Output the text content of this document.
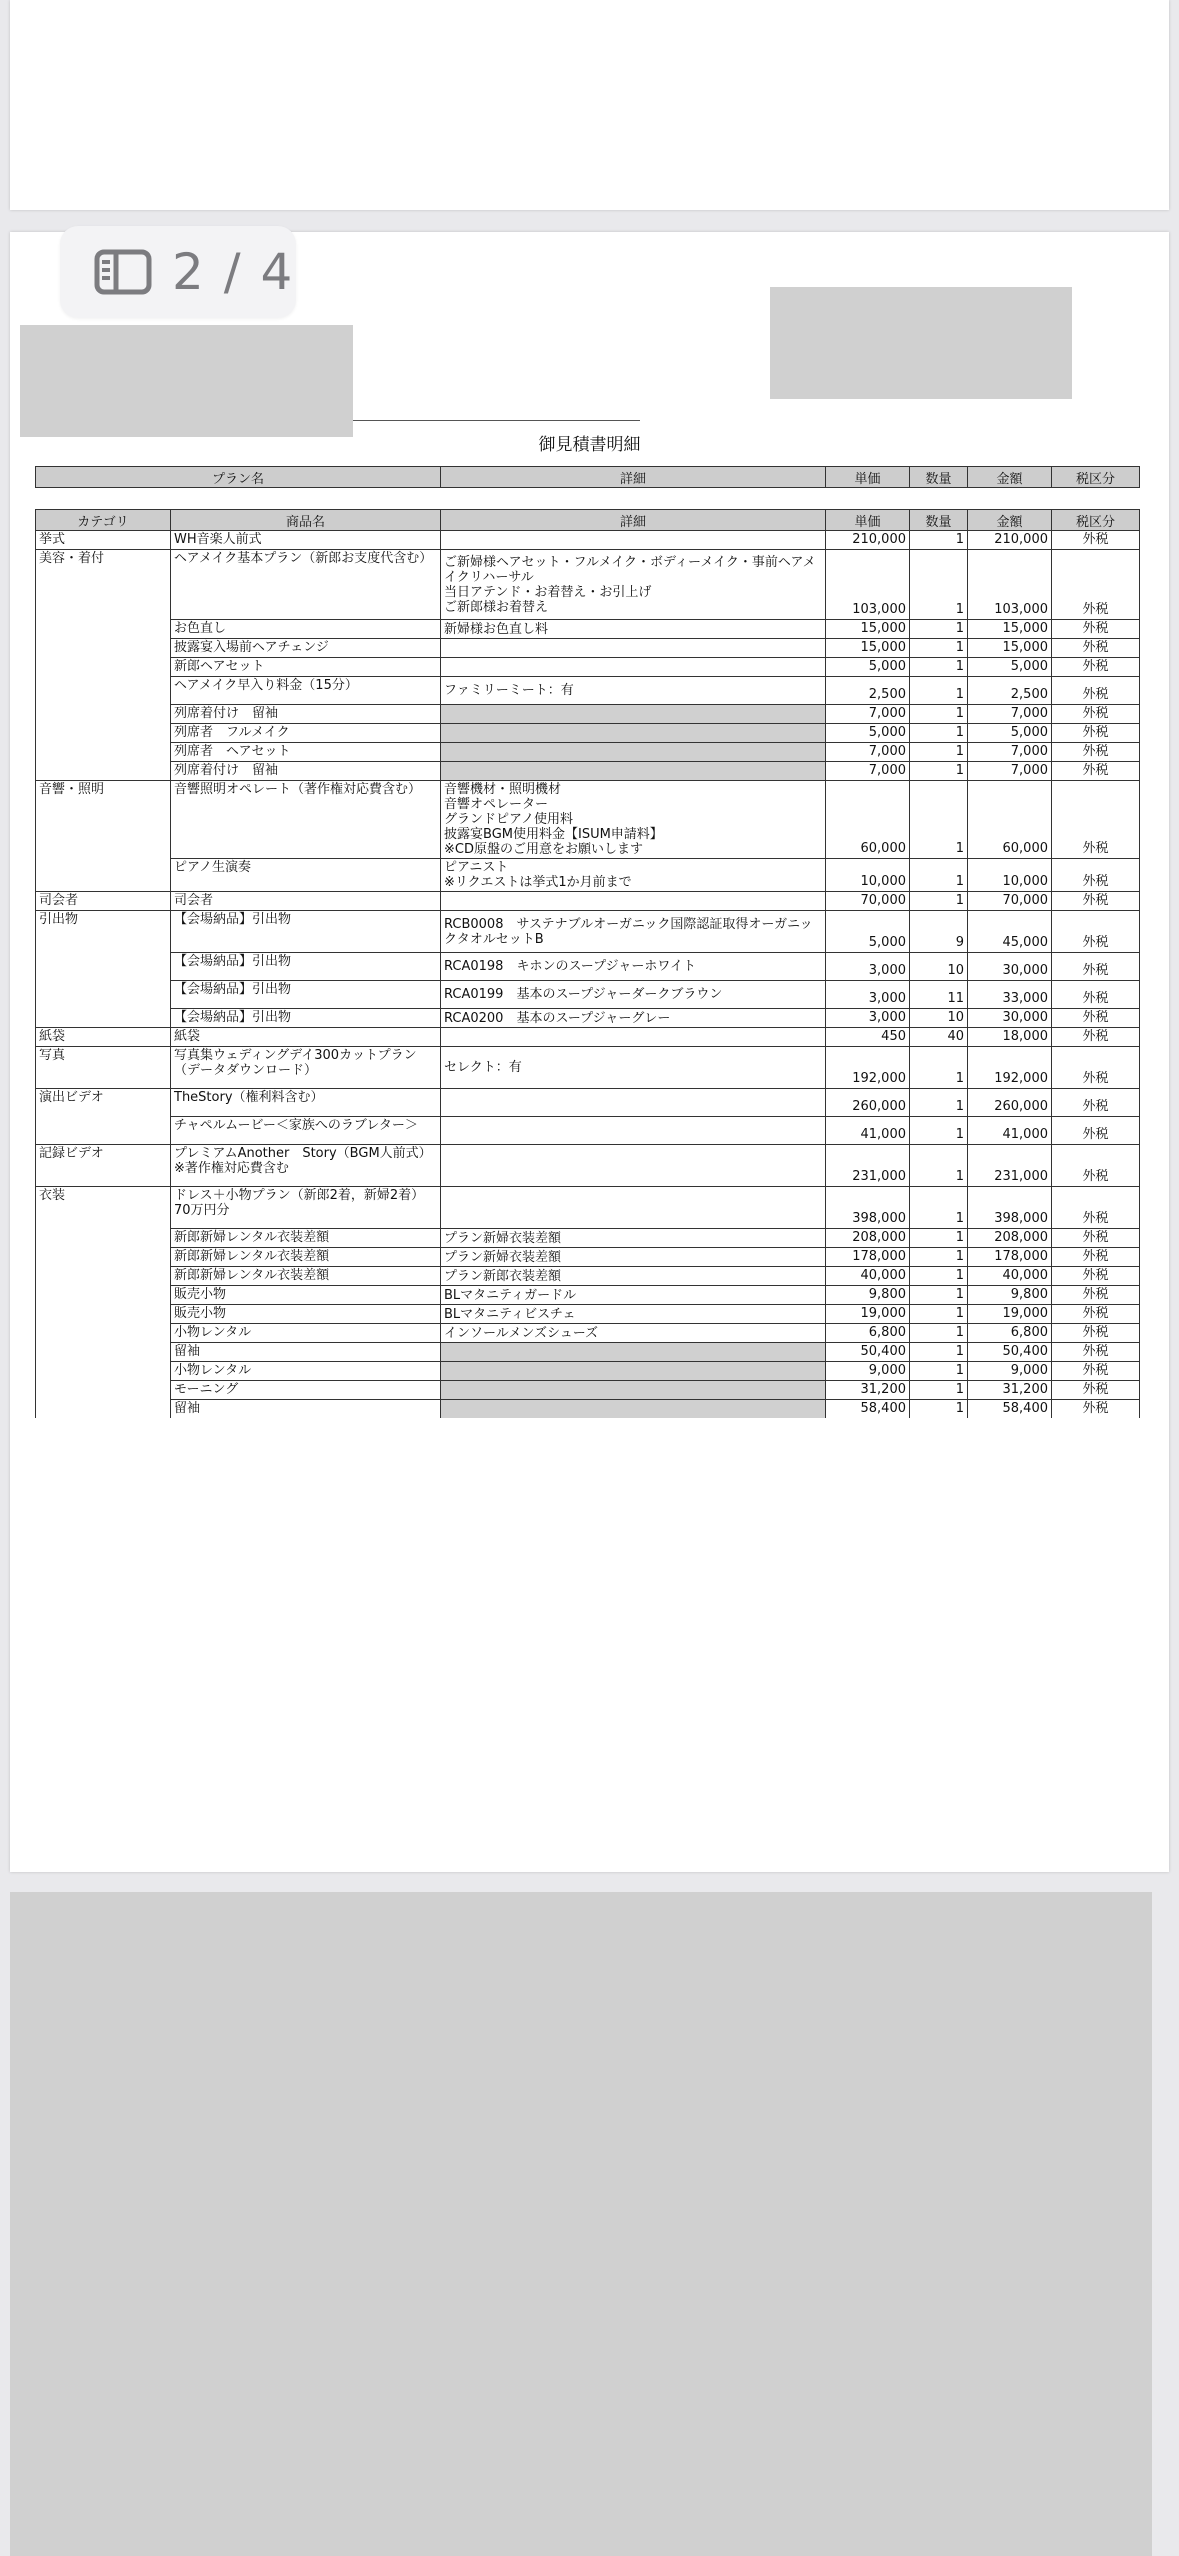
2 / 4
御見積書明細
プラン名	詳細	単価	数量	金額	税区分
カテゴリ	商品名	詳細	単価	数量	金額	税区分
挙式	WH音楽人前式		210,000	1	210,000	外税
美容・着付	ヘアメイク基本プラン（新郎お支度代含む）	ご新婦様ヘアセット・フルメイク・ボディーメイク・事前ヘアメイクリハーサル
当日アテンド・お着替え・お引上げ
ご新郎様お着替え	103,000	1	103,000	外税
	お色直し	新婦様お色直し料	15,000	1	15,000	外税
	披露宴入場前ヘアチェンジ		15,000	1	15,000	外税
	新郎ヘアセット		5,000	1	5,000	外税
	ヘアメイク早入り料金（15分）	ファミリーミート：有	2,500	1	2,500	外税
	列席着付け　留袖		7,000	1	7,000	外税
	列席者　フルメイク		5,000	1	5,000	外税
	列席者　ヘアセット		7,000	1	7,000	外税
	列席着付け　留袖		7,000	1	7,000	外税
音響・照明	音響照明オペレート（著作権対応費含む）	音響機材・照明機材
音響オペレーター
グランドピアノ使用料
披露宴BGM使用料金【ISUM申請料】
※CD原盤のご用意をお願いします	60,000	1	60,000	外税
	ピアノ生演奏	ピアニスト
※リクエストは挙式1か月前まで	10,000	1	10,000	外税
司会者	司会者		70,000	1	70,000	外税
引出物	【会場納品】引出物	RCB0008　サステナブルオーガニック国際認証取得オーガニックタオルセットB	5,000	9	45,000	外税
	【会場納品】引出物	RCA0198　キホンのスープジャーホワイト	3,000	10	30,000	外税
	【会場納品】引出物	RCA0199　基本のスープジャーダークブラウン	3,000	11	33,000	外税
	【会場納品】引出物	RCA0200　基本のスープジャーグレー	3,000	10	30,000	外税
紙袋	紙袋		450	40	18,000	外税
写真	写真集ウェディングデイ300カットプラン（データダウンロード）	セレクト：有	192,000	1	192,000	外税
演出ビデオ	TheStory（権利料含む）		260,000	1	260,000	外税
	チャペルムービー＜家族へのラブレター＞		41,000	1	41,000	外税
記録ビデオ	プレミアムAnother　Story（BGM人前式）※著作権対応費含む		231,000	1	231,000	外税
衣装	ドレス＋小物プラン（新郎2着，新婦2着）70万円分		398,000	1	398,000	外税
	新郎新婦レンタル衣装差額	プラン新婦衣装差額	208,000	1	208,000	外税
	新郎新婦レンタル衣装差額	プラン新婦衣装差額	178,000	1	178,000	外税
	新郎新婦レンタル衣装差額	プラン新郎衣装差額	40,000	1	40,000	外税
	販売小物	BLマタニティガードル	9,800	1	9,800	外税
	販売小物	BLマタニティビスチェ	19,000	1	19,000	外税
	小物レンタル	インソールメンズシューズ	6,800	1	6,800	外税
	留袖		50,400	1	50,400	外税
	小物レンタル		9,000	1	9,000	外税
	モーニング		31,200	1	31,200	外税
	留袖		58,400	1	58,400	外税
